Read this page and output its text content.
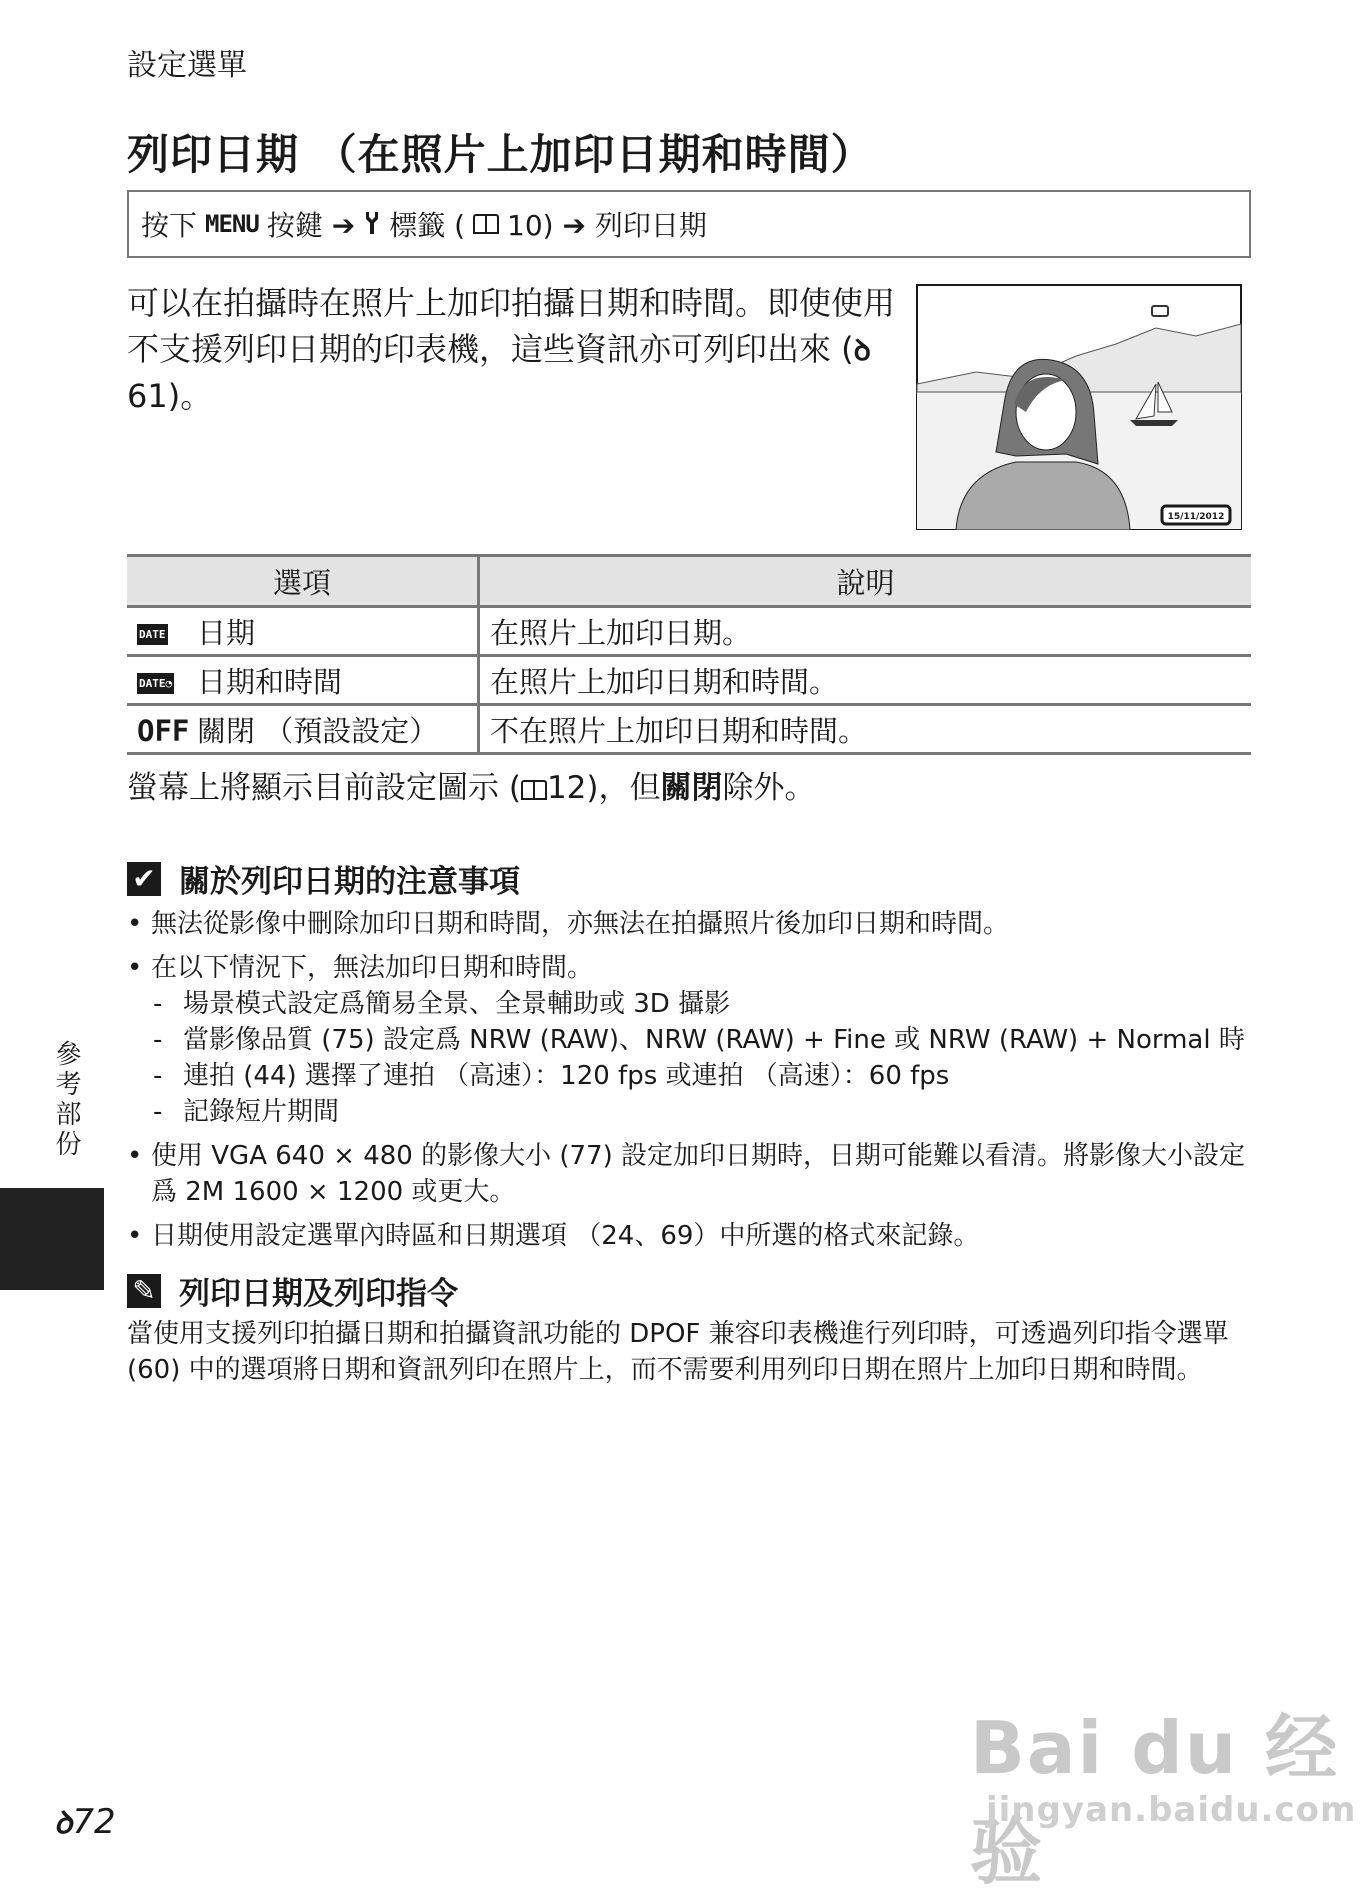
設定選單
列印日期 （在照片上加印日期和時間）
按下 MENU 按鍵 ➔ 標籤 ( 10) ➔ 列印日期
可以在拍攝時在照片上加印拍攝日期和時間。即使使用不支援列印日期的印表機，這些資訊亦可列印出來 (ꝺ61)。
15/11/2012
選項	說明
DATE 日期	在照片上加印日期。
DATE◔ 日期和時間	在照片上加印日期和時間。
OFF 關閉 （預設設定）	不在照片上加印日期和時間。
螢幕上將顯示目前設定圖示 ( 12)，但關閉除外。
✔ 關於列印日期的注意事項
• 無法從影像中刪除加印日期和時間，亦無法在拍攝照片後加印日期和時間。
• 在以下情況下，無法加印日期和時間。
- 場景模式設定爲簡易全景、全景輔助或 3D 攝影
- 當影像品質 (75) 設定爲 NRW (RAW)、NRW (RAW) + Fine 或 NRW (RAW) + Normal 時
- 連拍 (44) 選擇了連拍 （高速）：120 fps 或連拍 （高速）：60 fps
- 記錄短片期間
• 使用 VGA 640 × 480 的影像大小 (77) 設定加印日期時，日期可能難以看清。將影像大小設定爲 2M 1600 × 1200 或更大。
• 日期使用設定選單內時區和日期選項 （24、69）中所選的格式來記錄。
✎ 列印日期及列印指令
當使用支援列印拍攝日期和拍攝資訊功能的 DPOF 兼容印表機進行列印時，可透過列印指令選單 (60) 中的選項將日期和資訊列印在照片上，而不需要利用列印日期在照片上加印日期和時間。
參考部份
ꝺ72
Bai du 经验
jingyan.baidu.com
